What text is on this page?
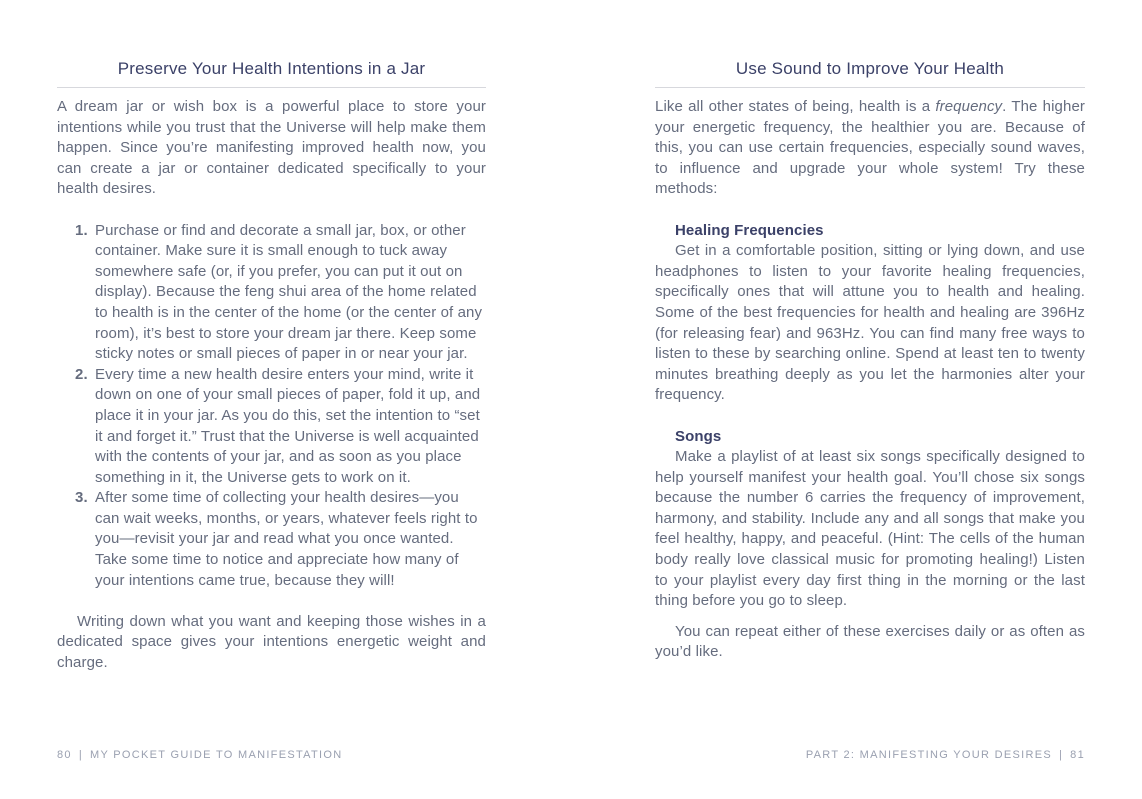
Preserve Your Health Intentions in a Jar

A dream jar or wish box is a powerful place to store your intentions while you trust that the Universe will help make them happen. Since you’re manifesting improved health now, you can create a jar or container dedicated specifically to your health desires.

1. Purchase or find and decorate a small jar, box, or other container. Make sure it is small enough to tuck away somewhere safe (or, if you prefer, you can put it out on display). Because the feng shui area of the home related to health is in the center of the home (or the center of any room), it’s best to store your dream jar there. Keep some sticky notes or small pieces of paper in or near your jar.
2. Every time a new health desire enters your mind, write it down on one of your small pieces of paper, fold it up, and place it in your jar. As you do this, set the intention to “set it and forget it.” Trust that the Universe is well acquainted with the contents of your jar, and as soon as you place something in it, the Universe gets to work on it.
3. After some time of collecting your health desires—you can wait weeks, months, or years, whatever feels right to you—revisit your jar and read what you once wanted. Take some time to notice and appreciate how many of your intentions came true, because they will!

Writing down what you want and keeping those wishes in a dedicated space gives your intentions energetic weight and charge.

Use Sound to Improve Your Health

Like all other states of being, health is a frequency. The higher your energetic frequency, the healthier you are. Because of this, you can use certain frequencies, especially sound waves, to influence and upgrade your whole system! Try these methods:

Healing Frequencies

Get in a comfortable position, sitting or lying down, and use headphones to listen to your favorite healing frequencies, specifically ones that will attune you to health and healing. Some of the best frequencies for health and healing are 396Hz (for releasing fear) and 963Hz. You can find many free ways to listen to these by searching online. Spend at least ten to twenty minutes breathing deeply as you let the harmonies alter your frequency.

Songs

Make a playlist of at least six songs specifically designed to help yourself manifest your health goal. You’ll chose six songs because the number 6 carries the frequency of improvement, harmony, and stability. Include any and all songs that make you feel healthy, happy, and peaceful. (Hint: The cells of the human body really love classical music for promoting healing!) Listen to your playlist every day first thing in the morning or the last thing before you go to sleep.

You can repeat either of these exercises daily or as often as you’d like.

80 | MY POCKET GUIDE TO MANIFESTATION	PART 2: MANIFESTING YOUR DESIRES | 81
